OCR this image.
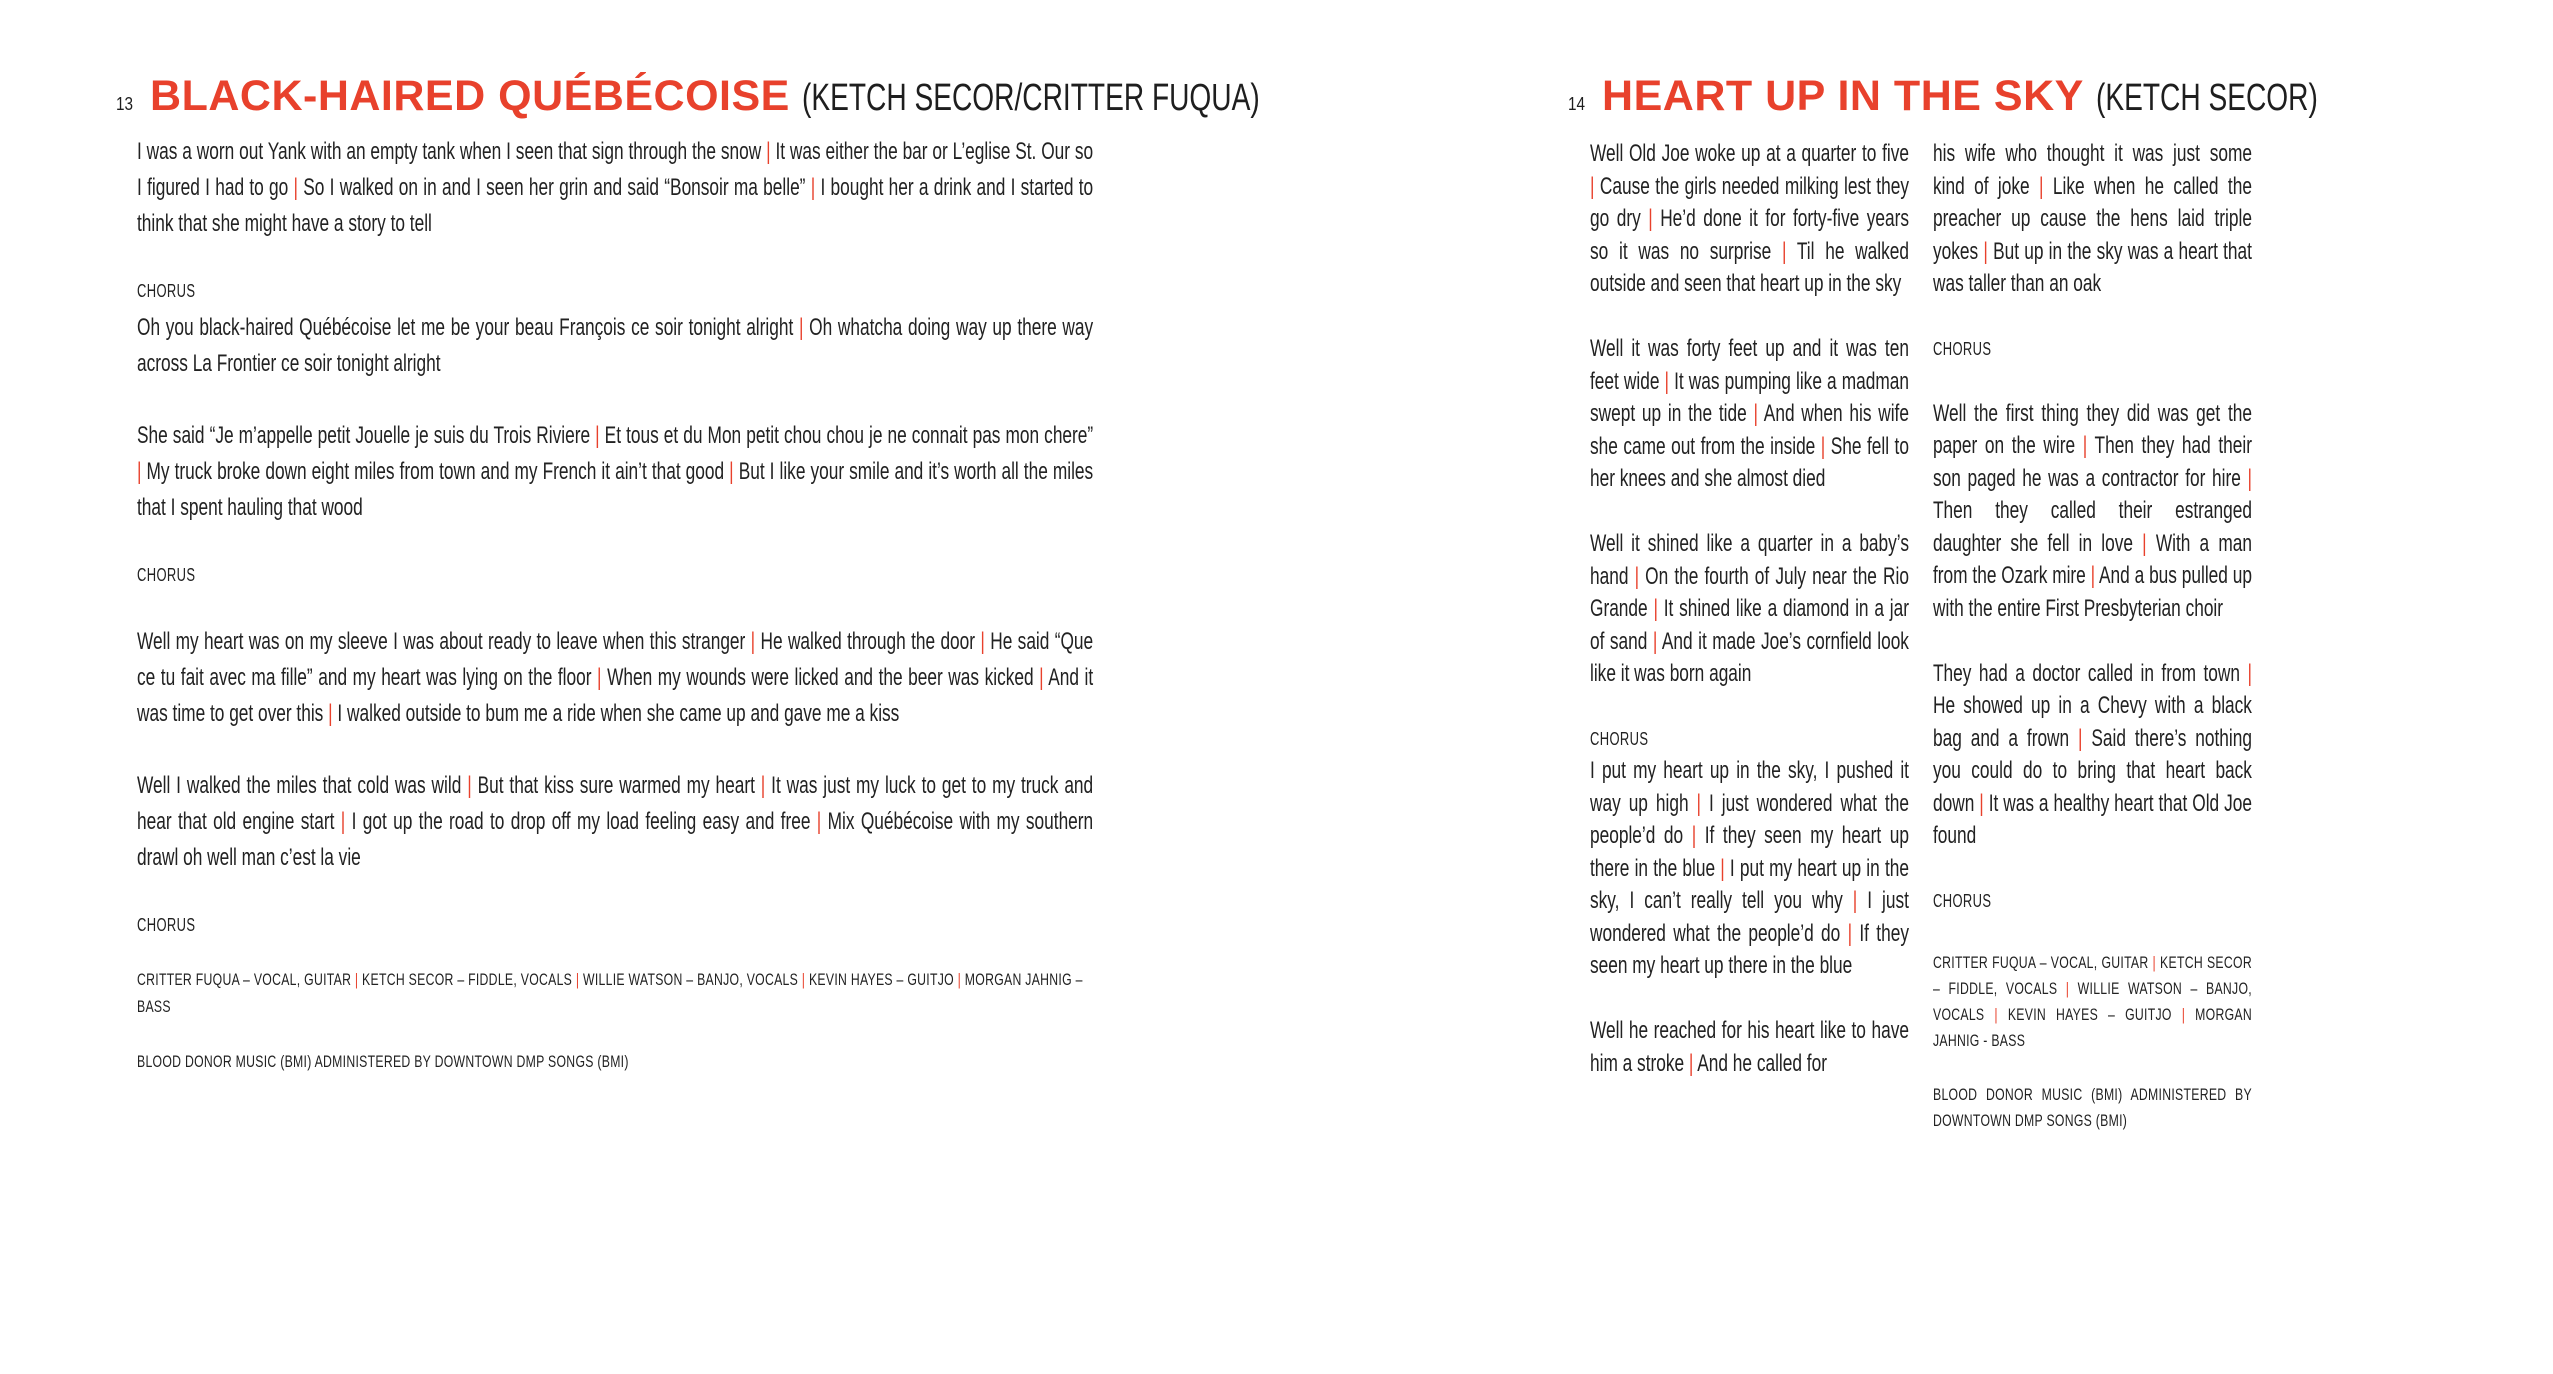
13 BLACK-HAIRED QUÉBÉCOISE (KETCH SECOR/CRITTER FUQUA)

I was a worn out Yank with an empty tank when I seen that sign through the snow | It was either the bar or L’eglise St. Our so I figured I had to go | So I walked on in and I seen her grin and said “Bonsoir ma belle” | I bought her a drink and I started to think that she might have a story to tell

CHORUS

Oh you black-haired Québécoise let me be your beau François ce soir tonight alright | Oh whatcha doing way up there way across La Frontier ce soir tonight alright

She said “Je m’appelle petit Jouelle je suis du Trois Riviere | Et tous et du Mon petit chou chou je ne connait pas mon chere” | My truck broke down eight miles from town and my French it ain’t that good | But I like your smile and it’s worth all the miles that I spent hauling that wood

CHORUS

Well my heart was on my sleeve I was about ready to leave when this stranger | He walked through the door | He said “Que ce tu fait avec ma fille” and my heart was lying on the floor | When my wounds were licked and the beer was kicked | And it was time to get over this | I walked outside to bum me a ride when she came up and gave me a kiss

Well I walked the miles that cold was wild | But that kiss sure warmed my heart | It was just my luck to get to my truck and hear that old engine start | I got up the road to drop off my load feeling easy and free | Mix Québécoise with my southern drawl oh well man c’est la vie

CHORUS

CRITTER FUQUA – VOCAL, GUITAR | KETCH SECOR – FIDDLE, VOCALS | WILLIE WATSON – BANJO, VOCALS | KEVIN HAYES – GUITJO | MORGAN JAHNIG – BASS

BLOOD DONOR MUSIC (BMI) ADMINISTERED BY DOWNTOWN DMP SONGS (BMI)

14 HEART UP IN THE SKY (KETCH SECOR)

Well Old Joe woke up at a quarter to five | Cause the girls needed milking lest they go dry | He’d done it for forty-five years so it was no surprise | Til he walked outside and seen that heart up in the sky

Well it was forty feet up and it was ten feet wide | It was pumping like a madman swept up in the tide | And when his wife she came out from the inside | She fell to her knees and she almost died

Well it shined like a quarter in a baby’s hand | On the fourth of July near the Rio Grande | It shined like a diamond in a jar of sand | And it made Joe’s cornfield look like it was born again

CHORUS

I put my heart up in the sky, I pushed it way up high | I just wondered what the people’d do | If they seen my heart up there in the blue | I put my heart up in the sky, I can’t really tell you why | I just wondered what the people’d do | If they seen my heart up there in the blue

Well he reached for his heart like to have him a stroke | And he called for

his wife who thought it was just some kind of joke | Like when he called the preacher up cause the hens laid triple yokes | But up in the sky was a heart that was taller than an oak

CHORUS

Well the first thing they did was get the paper on the wire | Then they had their son paged he was a contractor for hire | Then they called their estranged daughter she fell in love | With a man from the Ozark mire | And a bus pulled up with the entire First Presbyterian choir

They had a doctor called in from town | He showed up in a Chevy with a black bag and a frown | Said there’s nothing you could do to bring that heart back down | It was a healthy heart that Old Joe found

CHORUS

CRITTER FUQUA – VOCAL, GUITAR | KETCH SECOR – FIDDLE, VOCALS | WILLIE WATSON – BANJO, VOCALS | KEVIN HAYES – GUITJO | MORGAN JAHNIG - BASS

BLOOD DONOR MUSIC (BMI) ADMINISTERED BY DOWNTOWN DMP SONGS (BMI)
